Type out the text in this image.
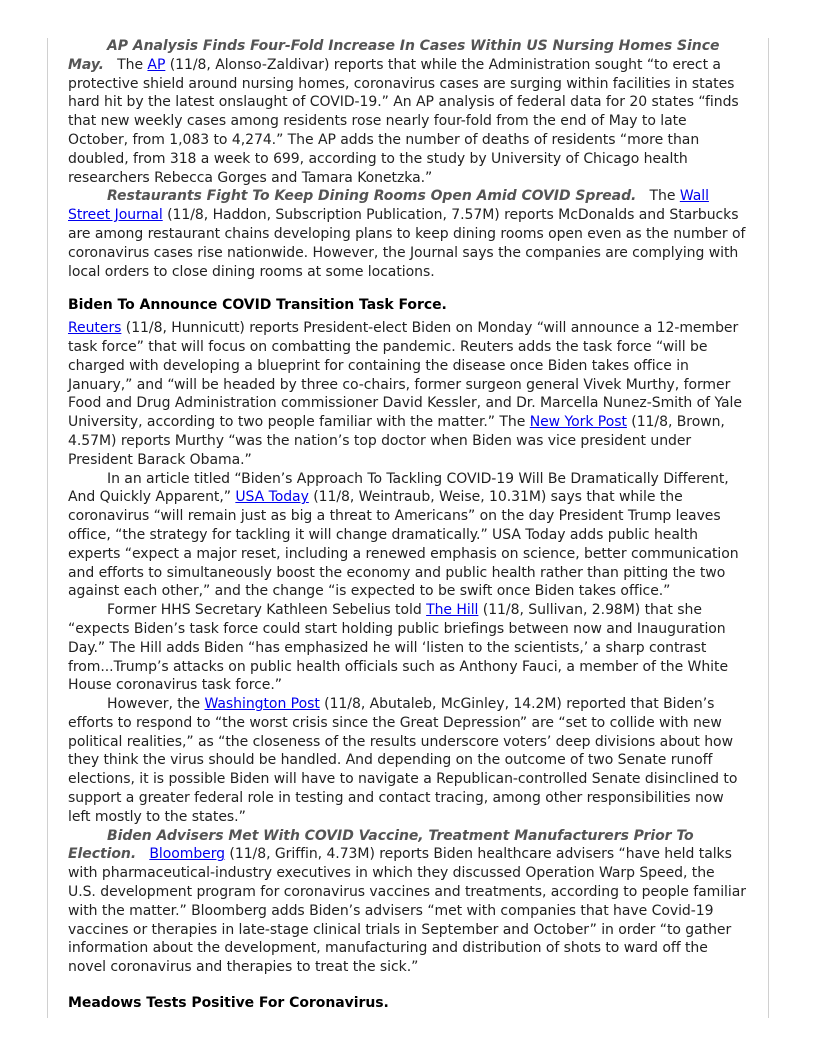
AP Analysis Finds Four-Fold Increase In Cases Within US Nursing Homes Since May.   The AP (11/8, Alonso-Zaldivar) reports that while the Administration sought “to erect a protective shield around nursing homes, coronavirus cases are surging within facilities in states hard hit by the latest onslaught of COVID-19.” An AP analysis of federal data for 20 states “finds that new weekly cases among residents rose nearly four-fold from the end of May to late October, from 1,083 to 4,274.” The AP adds the number of deaths of residents “more than doubled, from 318 a week to 699, according to the study by University of Chicago health researchers Rebecca Gorges and Tamara Konetzka.”

Restaurants Fight To Keep Dining Rooms Open Amid COVID Spread.   The Wall Street Journal (11/8, Haddon, Subscription Publication, 7.57M) reports McDonalds and Starbucks are among restaurant chains developing plans to keep dining rooms open even as the number of coronavirus cases rise nationwide. However, the Journal says the companies are complying with local orders to close dining rooms at some locations.

Biden To Announce COVID Transition Task Force.

Reuters (11/8, Hunnicutt) reports President-elect Biden on Monday “will announce a 12-member task force” that will focus on combatting the pandemic. Reuters adds the task force “will be charged with developing a blueprint for containing the disease once Biden takes office in January,” and “will be headed by three co-chairs, former surgeon general Vivek Murthy, former Food and Drug Administration commissioner David Kessler, and Dr. Marcella Nunez-Smith of Yale University, according to two people familiar with the matter.” The New York Post (11/8, Brown, 4.57M) reports Murthy “was the nation’s top doctor when Biden was vice president under President Barack Obama.”

In an article titled “Biden’s Approach To Tackling COVID-19 Will Be Dramatically Different, And Quickly Apparent,” USA Today (11/8, Weintraub, Weise, 10.31M) says that while the coronavirus “will remain just as big a threat to Americans” on the day President Trump leaves office, “the strategy for tackling it will change dramatically.” USA Today adds public health experts “expect a major reset, including a renewed emphasis on science, better communication and efforts to simultaneously boost the economy and public health rather than pitting the two against each other,” and the change “is expected to be swift once Biden takes office.”

Former HHS Secretary Kathleen Sebelius told The Hill (11/8, Sullivan, 2.98M) that she “expects Biden’s task force could start holding public briefings between now and Inauguration Day.” The Hill adds Biden “has emphasized he will ‘listen to the scientists,’ a sharp contrast from...Trump’s attacks on public health officials such as Anthony Fauci, a member of the White House coronavirus task force.”

However, the Washington Post (11/8, Abutaleb, McGinley, 14.2M) reported that Biden’s efforts to respond to “the worst crisis since the Great Depression” are “set to collide with new political realities,” as “the closeness of the results underscore voters’ deep divisions about how they think the virus should be handled. And depending on the outcome of two Senate runoff elections, it is possible Biden will have to navigate a Republican-controlled Senate disinclined to support a greater federal role in testing and contact tracing, among other responsibilities now left mostly to the states.”

Biden Advisers Met With COVID Vaccine, Treatment Manufacturers Prior To Election. Bloomberg (11/8, Griffin, 4.73M) reports Biden healthcare advisers “have held talks with pharmaceutical-industry executives in which they discussed Operation Warp Speed, the U.S. development program for coronavirus vaccines and treatments, according to people familiar with the matter.” Bloomberg adds Biden’s advisers “met with companies that have Covid-19 vaccines or therapies in late-stage clinical trials in September and October” in order “to gather information about the development, manufacturing and distribution of shots to ward off the novel coronavirus and therapies to treat the sick.”

Meadows Tests Positive For Coronavirus.
